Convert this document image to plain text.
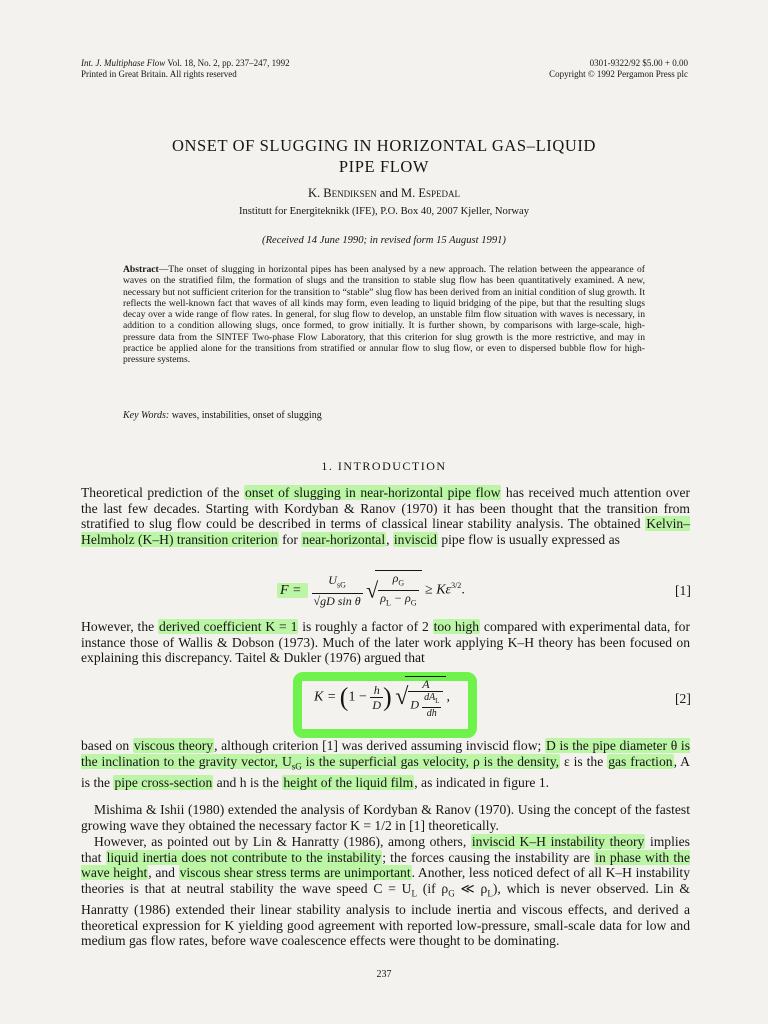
Int. J. Multiphase Flow Vol. 18, No. 2, pp. 237–247, 1992
Printed in Great Britain. All rights reserved
0301-9322/92 $5.00 + 0.00
Copyright © 1992 Pergamon Press plc
ONSET OF SLUGGING IN HORIZONTAL GAS–LIQUID
PIPE FLOW
K. Bendiksen and M. Espedal
Institutt for Energiteknikk (IFE), P.O. Box 40, 2007 Kjeller, Norway
(Received 14 June 1990; in revised form 15 August 1991)
Abstract—The onset of slugging in horizontal pipes has been analysed by a new approach. The relation between the appearance of waves on the stratified film, the formation of slugs and the transition to stable slug flow has been quantitatively examined. A new, necessary but not sufficient criterion for the transition to “stable” slug flow has been derived from an initial condition of slug growth. It reflects the well-known fact that waves of all kinds may form, even leading to liquid bridging of the pipe, but that the resulting slugs decay over a wide range of flow rates. In general, for slug flow to develop, an unstable film flow situation with waves is necessary, in addition to a condition allowing slugs, once formed, to grow initially. It is further shown, by comparisons with large-scale, high-pressure data from the SINTEF Two-phase Flow Laboratory, that this criterion for slug growth is the more restrictive, and may in practice be applied alone for the transitions from stratified or annular flow to slug flow, or even to dispersed bubble flow for high-pressure systems.
Key Words: waves, instabilities, onset of slugging
1. INTRODUCTION
Theoretical prediction of the onset of slugging in near-horizontal pipe flow has received much attention over the last few decades. Starting with Kordyban & Ranov (1970) it has been thought that the transition from stratified to slug flow could be described in terms of classical linear stability analysis. The obtained Kelvin–Helmholz (K–H) transition criterion for near-horizontal, inviscid pipe flow is usually expressed as
$F = \frac{U_{sG}}{\text{√gD sin θ}}$ √ $\frac{\rho_G}{\rho_L - \rho_G} \ge K\varepsilon^{3/2}$.	[1]
However, the derived coefficient K = 1 is roughly a factor of 2 too high compared with experimental data, for instance those of Wallis & Dobson (1973). Much of the later work applying K–H theory has been focused on explaining this discrepancy. Taitel & Dukler (1976) argued that
$K = (1 - \frac{h}{D}$ ) √ $\frac{A}{D \frac{dA_L}{dh}}$ ,	[2]
based on viscous theory, although criterion [1] was derived assuming inviscid flow; D is the pipe diameter θ is the inclination to the gravity vector, $U_{sG}$ is the superficial gas velocity, ρ is the density, ε is the gas fraction, A is the pipe cross-section and h is the height of the liquid film, as indicated in figure 1.
Mishima & Ishii (1980) extended the analysis of Kordyban & Ranov (1970). Using the concept of the fastest growing wave they obtained the necessary factor K = 1/2 in [1] theoretically.
However, as pointed out by Lin & Hanratty (1986), among others, inviscid K–H instability theory implies that liquid inertia does not contribute to the instability; the forces causing the instability are in phase with the wave height, and viscous shear stress terms are unimportant. Another, less noticed defect of all K–H instability theories is that at neutral stability the wave speed $C = U_L$ (if $\rho_G$ ≪ $\rho_L$), which is never observed. Lin & Hanratty (1986) extended their linear stability analysis to include inertia and viscous effects, and derived a theoretical expression for K yielding good agreement with reported low-pressure, small-scale data for low and medium gas flow rates, before wave coalescence effects were thought to be dominating.
237
